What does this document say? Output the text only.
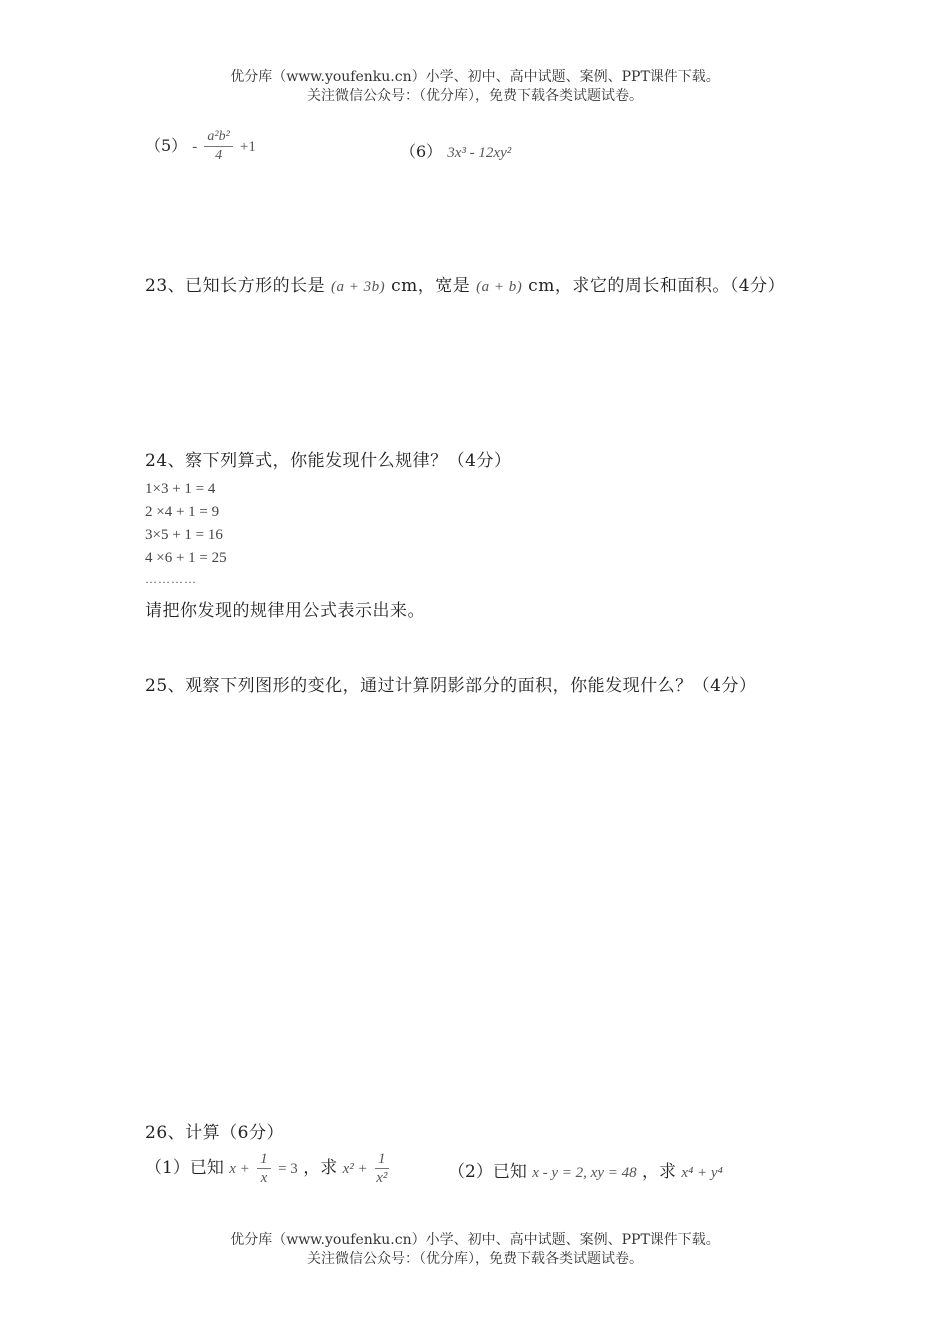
优分库（www.youfenku.cn）小学、初中、高中试题、案例、PPT课件下载。
关注微信公众号：（优分库），免费下载各类试题试卷。
$(5) - \frac{\text{a²b²}}{4} +1$	（6） 3x³ - 12xy²
23、已知长方形的长是 (a + 3b) cm，宽是 (a + b) cm，求它的周长和面积。（4分）
24、察下列算式，你能发现什么规律？（4分）
1×3 + 1 = 4
2 ×4 + 1 = 9
3×5 + 1 = 16
4 ×6 + 1 = 25
…………
请把你发现的规律用公式表示出来。
25、观察下列图形的变化，通过计算阴影部分的面积，你能发现什么？（4分）
26、计算（6分）
（1）已知 $x + \frac{1}{x} = 3$ ，求 $x^2 + \frac{1}{\text{x²}}$	（2）已知 x - y = 2, xy = 48 ，求 x⁴ + y⁴
优分库（www.youfenku.cn）小学、初中、高中试题、案例、PPT课件下载。
关注微信公众号：（优分库），免费下载各类试题试卷。
